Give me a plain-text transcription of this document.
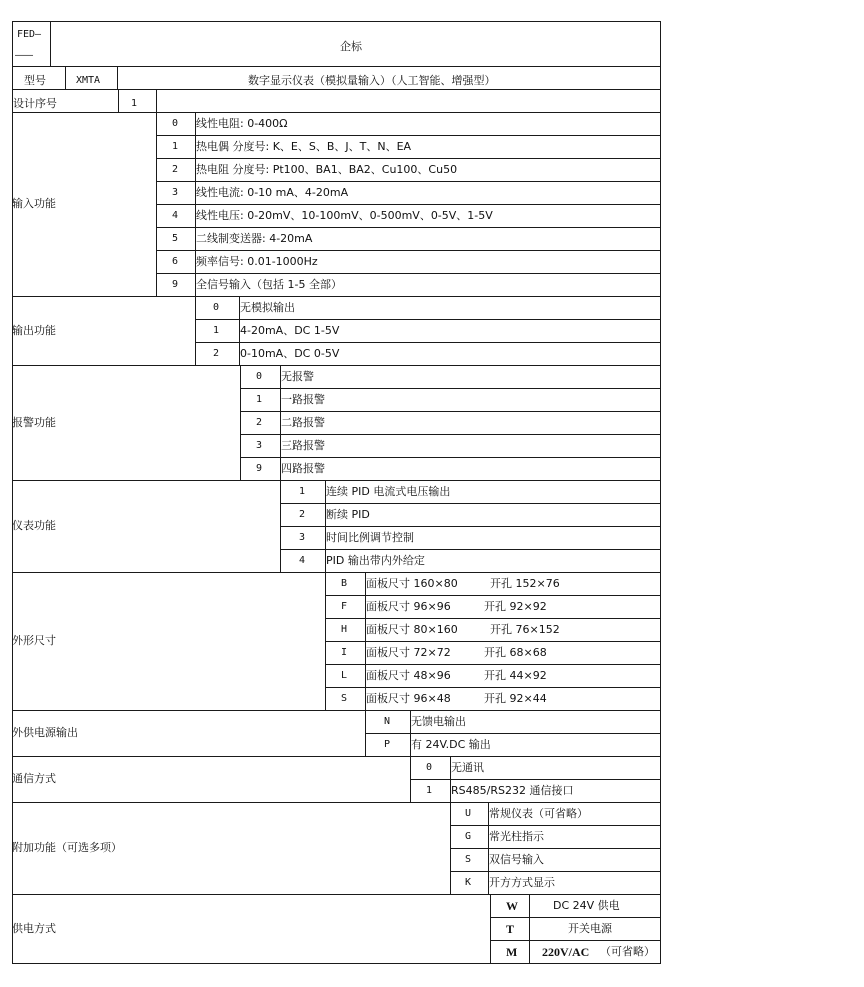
FED—
———
企标
型号	XMTA	数字显示仪表（模拟量输入）（人工智能、增强型）
设计序号	1
输入功能
0 线性电阻: 0-400Ω
1 热电偶 分度号: K、E、S、B、J、T、N、EA
2 热电阻 分度号: Pt100、BA1、BA2、Cu100、Cu50
3 线性电流: 0-10 mA、4-20mA
4 线性电压: 0-20mV、10-100mV、0-500mV、0-5V、1-5V
5 二线制变送器: 4-20mA
6 频率信号: 0.01-1000Hz
9 全信号输入（包括 1-5 全部）
输出功能
0 无模拟输出
1 4-20mA、DC 1-5V
2 0-10mA、DC 0-5V
报警功能
0 无报警
1 一路报警
2 二路报警
3 三路报警
9 四路报警
仪表功能
1 连续 PID 电流式电压输出
2 断续 PID
3 时间比例调节控制
4 PID 输出带内外给定
外形尺寸
B 面板尺寸 160×80	开孔 152×76
F 面板尺寸 96×96	开孔 92×92
H 面板尺寸 80×160	开孔 76×152
I 面板尺寸 72×72	开孔 68×68
L 面板尺寸 48×96	开孔 44×92
S 面板尺寸 96×48	开孔 92×44
外供电源输出
N 无馈电输出
P 有 24V.DC 输出
通信方式
0 无通讯
1 RS485/RS232 通信接口
附加功能（可选多项）
U 常规仪表（可省略）
G 常光柱指示
S 双信号输入
K 开方方式显示
供电方式
W	DC 24V 供电
T	开关电源
M 220V/AC （可省略）
